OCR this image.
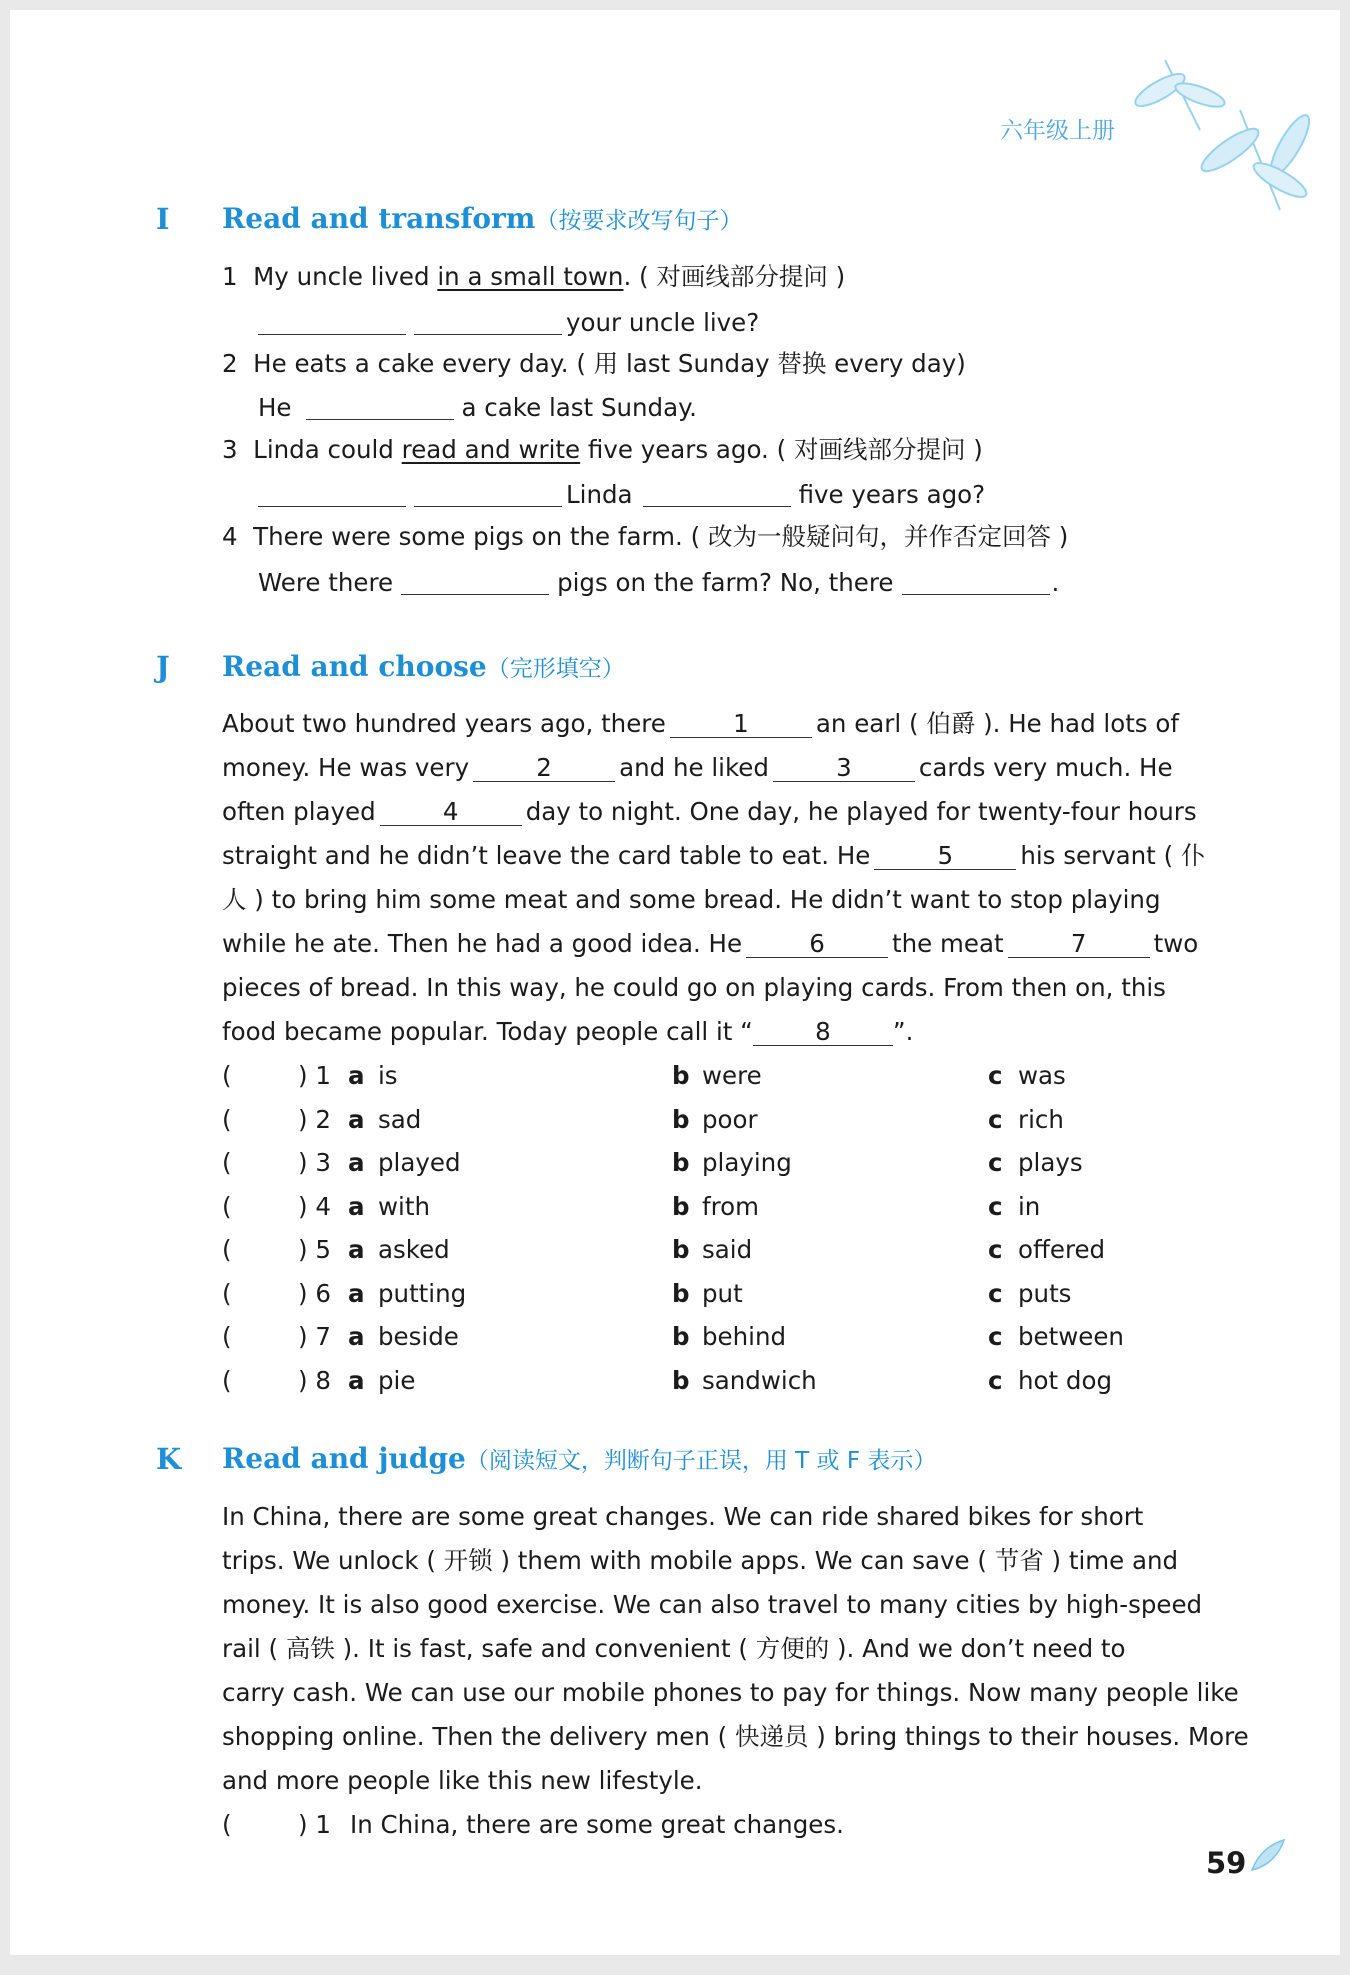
六年级上册
I Read and transform（按要求改写句子）
1 My uncle lived in a small town. ( 对画线部分提问 )
your uncle live?
2 He eats a cake every day. ( 用 last Sunday 替换 every day)
He	a cake last Sunday.
3 Linda could read and write five years ago. ( 对画线部分提问 )
Linda	five years ago?
4 There were some pigs on the farm. ( 改为一般疑问句，并作否定回答 )
Were there	pigs on the farm? No, there	.
J Read and choose（完形填空）
About two hundred years ago, there	1	an earl ( 伯爵 ). He had lots of
money. He was very	2	and he liked	3	cards very much. He
often played	4	day to night. One day, he played for twenty-four hours
straight and he didn’t leave the card table to eat. He	5	his servant ( 仆
人 ) to bring him some meat and some bread. He didn’t want to stop playing
while he ate. Then he had a good idea. He	6	the meat	7	two
pieces of bread. In this way, he could go on playing cards. From then on, this
food became popular. Today people call it “	8	”.
(	) 1 a is	b were	c was
(	) 2 a sad	b poor	c rich
(	) 3 a played	b playing	c plays
(	) 4 a with	b from	c in
(	) 5 a asked	b said	c offered
(	) 6 a putting	b put	c puts
(	) 7 a beside	b behind	c between
(	) 8 a pie	b sandwich	c hot dog
K Read and judge（阅读短文，判断句子正误，用 T 或 F 表示）
In China, there are some great changes. We can ride shared bikes for short
trips. We unlock ( 开锁 ) them with mobile apps. We can save ( 节省 ) time and
money. It is also good exercise. We can also travel to many cities by high-speed
rail ( 高铁 ). It is fast, safe and convenient ( 方便的 ). And we don’t need to
carry cash. We can use our mobile phones to pay for things. Now many people like
shopping online. Then the delivery men ( 快递员 ) bring things to their houses. More
and more people like this new lifestyle.
(	) 1 In China, there are some great changes.
59
